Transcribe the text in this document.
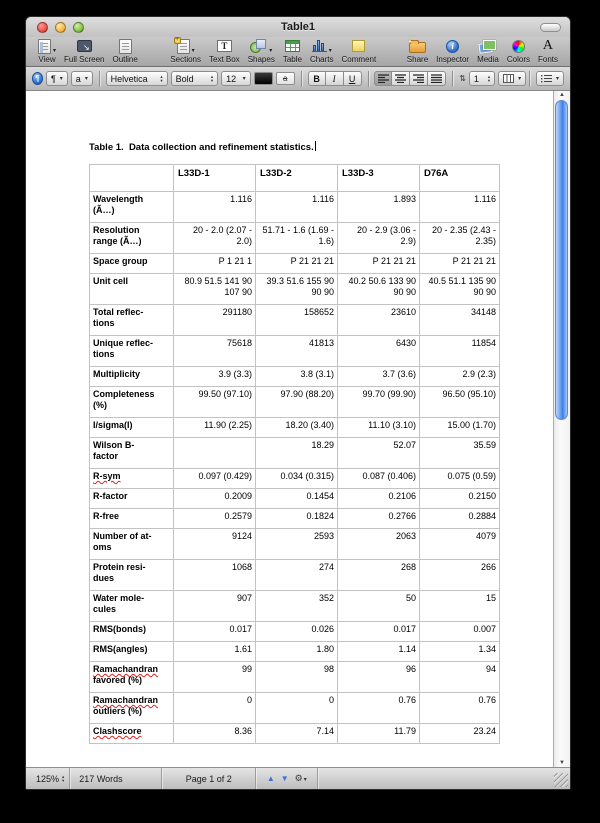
Table1
▾
View
↘ Full Screen Outline
+
▾
Sections
T Text Box
▾ Shapes Table
▾ Charts Comment
✦	Share
i Inspector Media Colors
A Fonts
¶	¶
▾ a
▾	Helvetica ▴ ▾	Bold ▴ ▾	12
▾	a	B	I	U	⇅ 1
▴ ▾
▾
▾
Table 1.  Data collection and refinement statistics.
	L33D-1	L33D-2	L33D-3	D76A
Wavelength
(Ã…)	1.116	1.116	1.893	1.116
Resolution
range (Ã…)	20 - 2.0 (2.07 - 2.0)	51.71 - 1.6 (1.69 - 1.6)	20 - 2.9 (3.06 - 2.9)	20 - 2.35 (2.43 - 2.35)
Space group	P 1 21 1	P 21 21 21	P 21 21 21	P 21 21 21
Unit cell	80.9 51.5 141 90 107 90	39.3 51.6 155 90 90 90	40.2 50.6 133 90 90 90	40.5 51.1 135 90 90 90
Total reflec-
tions	291180	158652	23610	34148
Unique reflec-
tions	75618	41813	6430	11854
Multiplicity	3.9 (3.3)	3.8 (3.1)	3.7 (3.6)	2.9 (2.3)
Completeness
(%)	99.50 (97.10)	97.90 (88.20)	99.70 (99.90)	96.50 (95.10)
I/sigma(I)	11.90 (2.25)	18.20 (3.40)	11.10 (3.10)	15.00 (1.70)
Wilson B-
factor		18.29	52.07	35.59
R-sym	0.097 (0.429)	0.034 (0.315)	0.087 (0.406)	0.075 (0.59)
R-factor	0.2009	0.1454	0.2106	0.2150
R-free	0.2579	0.1824	0.2766	0.2884
Number of at-
oms	9124	2593	2063	4079
Protein resi-
dues	1068	274	268	266
Water mole-
cules	907	352	50	15
RMS(bonds)	0.017	0.026	0.017	0.007
RMS(angles)	1.61	1.80	1.14	1.34
Ramachandran
favored (%)	99	98	96	94
Ramachandran
outliers (%)	0	0	0.76	0.76
Clashscore	8.36	7.14	11.79	23.24
▲
▼
125% ▴ ▾ 217 Words	Page 1 of 2	▲ ▼ ⚙ ▾
